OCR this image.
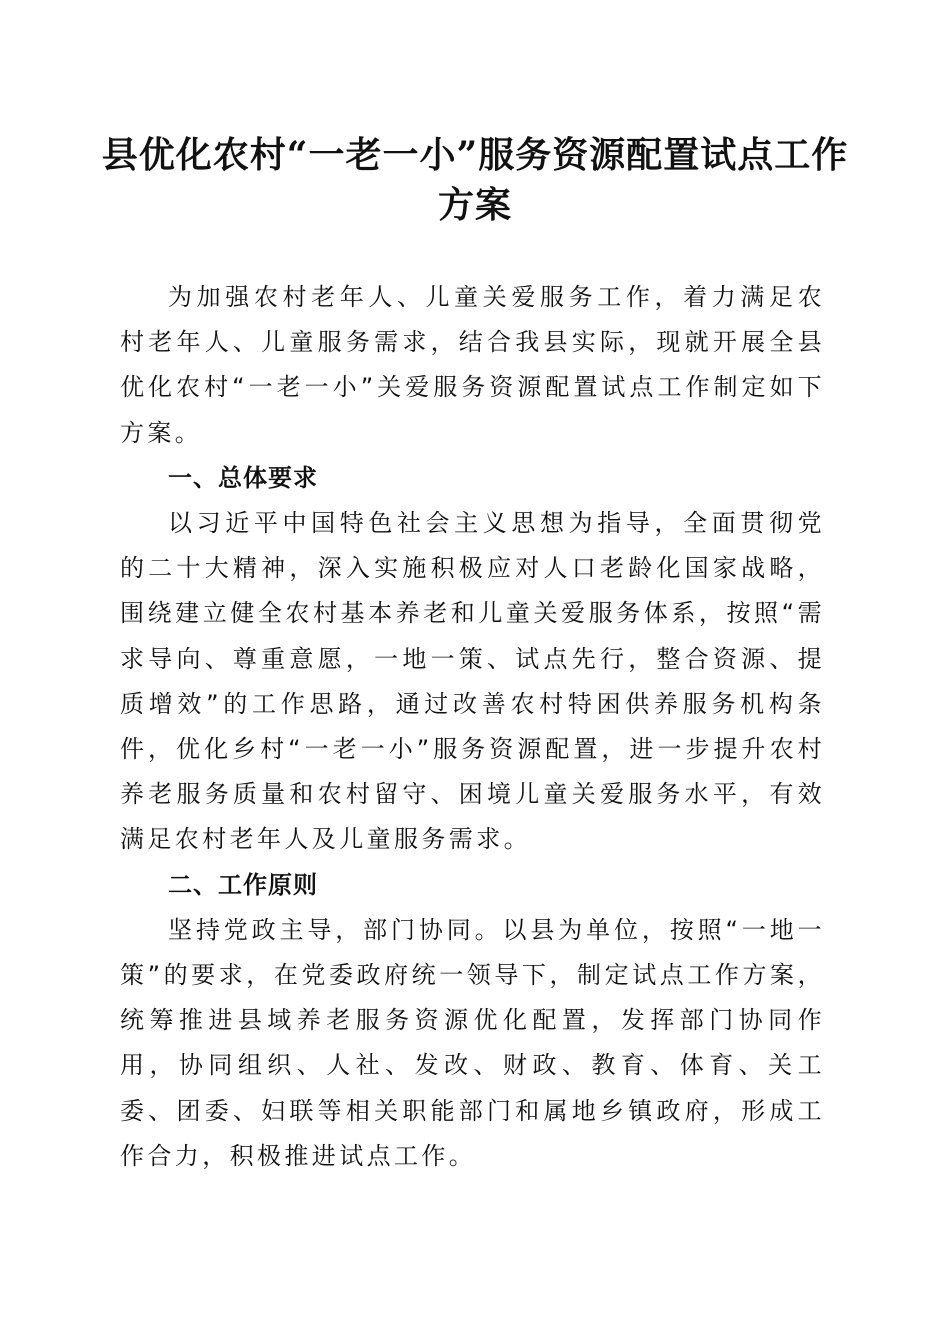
县优化农村“一老一小”服务资源配置试点工作方案

为加强农村老年人、儿童关爱服务工作，着力满足农村老年人、儿童服务需求，结合我县实际，现就开展全县优化农村“一老一小”关爱服务资源配置试点工作制定如下方案。

一、总体要求

以习近平中国特色社会主义思想为指导，全面贯彻党的二十大精神，深入实施积极应对人口老龄化国家战略，围绕建立健全农村基本养老和儿童关爱服务体系，按照“需求导向、尊重意愿，一地一策、试点先行，整合资源、提质增效”的工作思路，通过改善农村特困供养服务机构条件，优化乡村“一老一小”服务资源配置，进一步提升农村养老服务质量和农村留守、困境儿童关爱服务水平，有效满足农村老年人及儿童服务需求。

二、工作原则

坚持党政主导，部门协同。以县为单位，按照“一地一策”的要求，在党委政府统一领导下，制定试点工作方案，统筹推进县域养老服务资源优化配置，发挥部门协同作用，协同组织、人社、发改、财政、教育、体育、关工委、团委、妇联等相关职能部门和属地乡镇政府，形成工作合力，积极推进试点工作。
